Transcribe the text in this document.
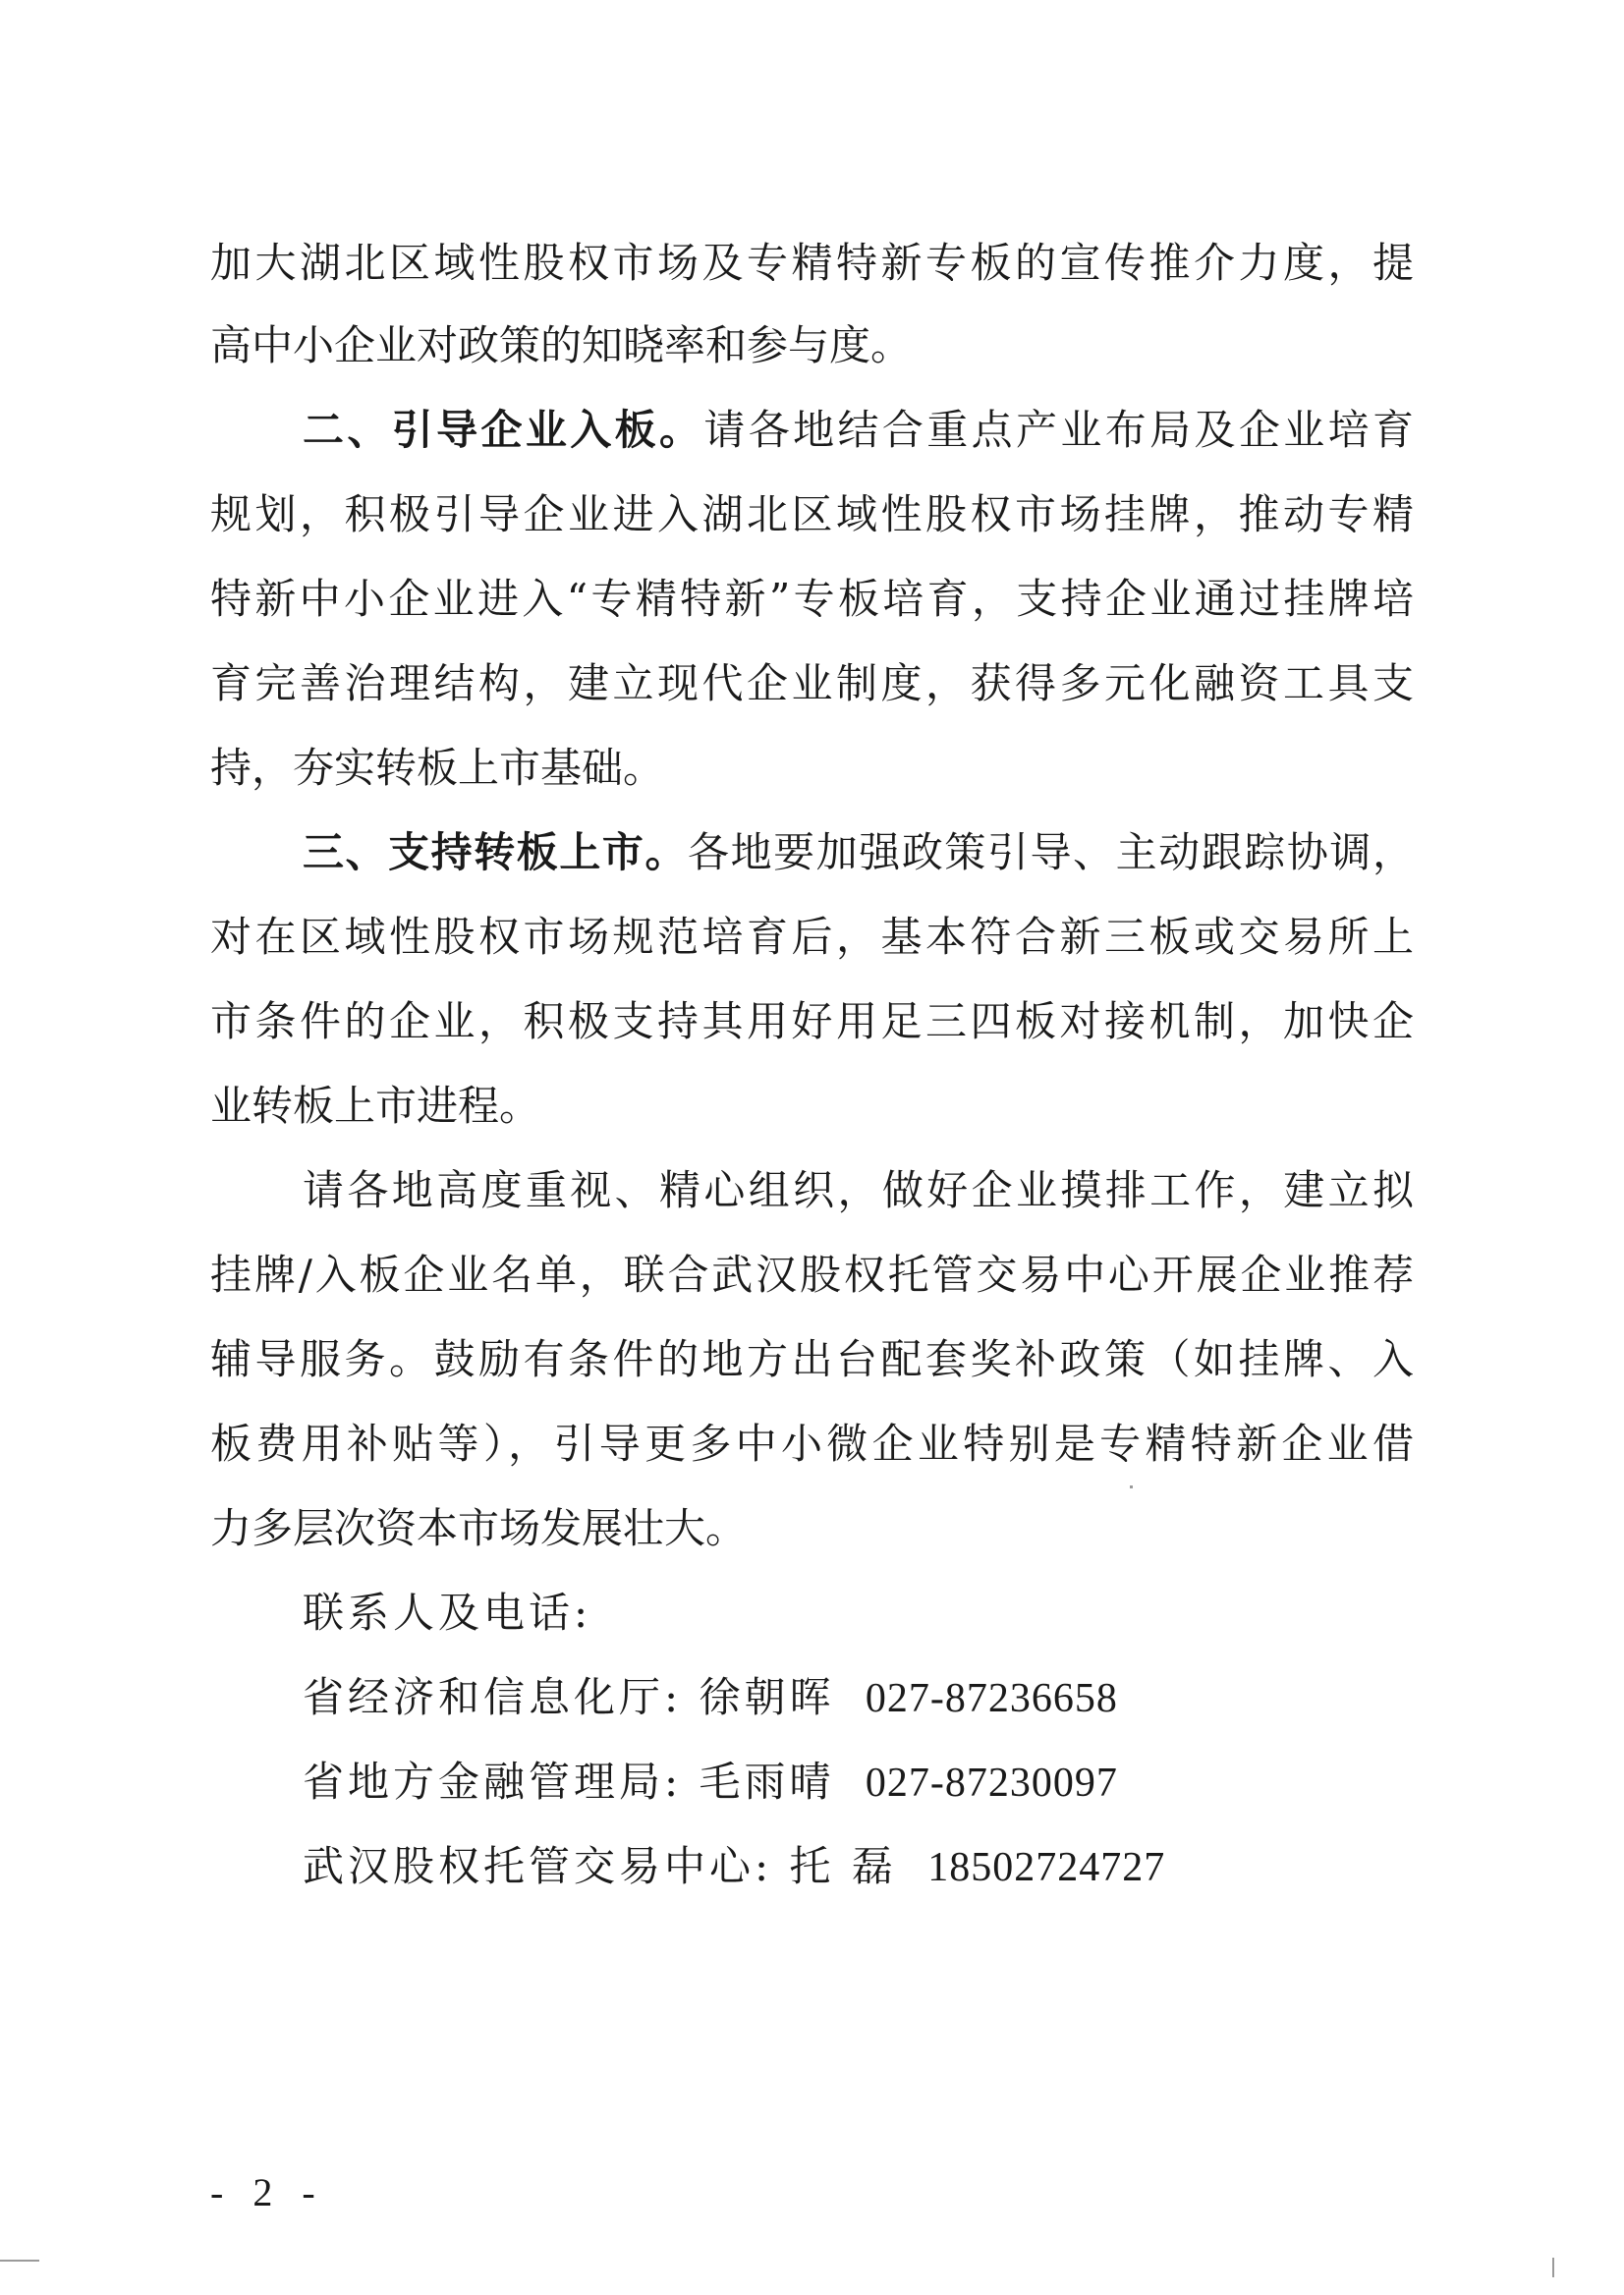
加大湖北区域性股权市场及专精特新专板的宣传推介力度，提
高中小企业对政策的知晓率和参与度。
二、引导企业入板。请各地结合重点产业布局及企业培育
规划，积极引导企业进入湖北区域性股权市场挂牌，推动专精
特新中小企业进入“专精特新”专板培育，支持企业通过挂牌培
育完善治理结构，建立现代企业制度，获得多元化融资工具支
持，夯实转板上市基础。
三、支持转板上市。各地要加强政策引导、主动跟踪协调，
对在区域性股权市场规范培育后，基本符合新三板或交易所上
市条件的企业，积极支持其用好用足三四板对接机制，加快企
业转板上市进程。
请各地高度重视、精心组织，做好企业摸排工作，建立拟
挂牌/入板企业名单，联合武汉股权托管交易中心开展企业推荐
辅导服务。鼓励有条件的地方出台配套奖补政策（如挂牌、入
板费用补贴等），引导更多中小微企业特别是专精特新企业借
力多层次资本市场发展壮大。
联系人及电话:
省经济和信息化厅: 徐朝晖 027-87236658
省地方金融管理局: 毛雨晴 027-87230097
武汉股权托管交易中心: 托 磊 18502724727
- 2 -
